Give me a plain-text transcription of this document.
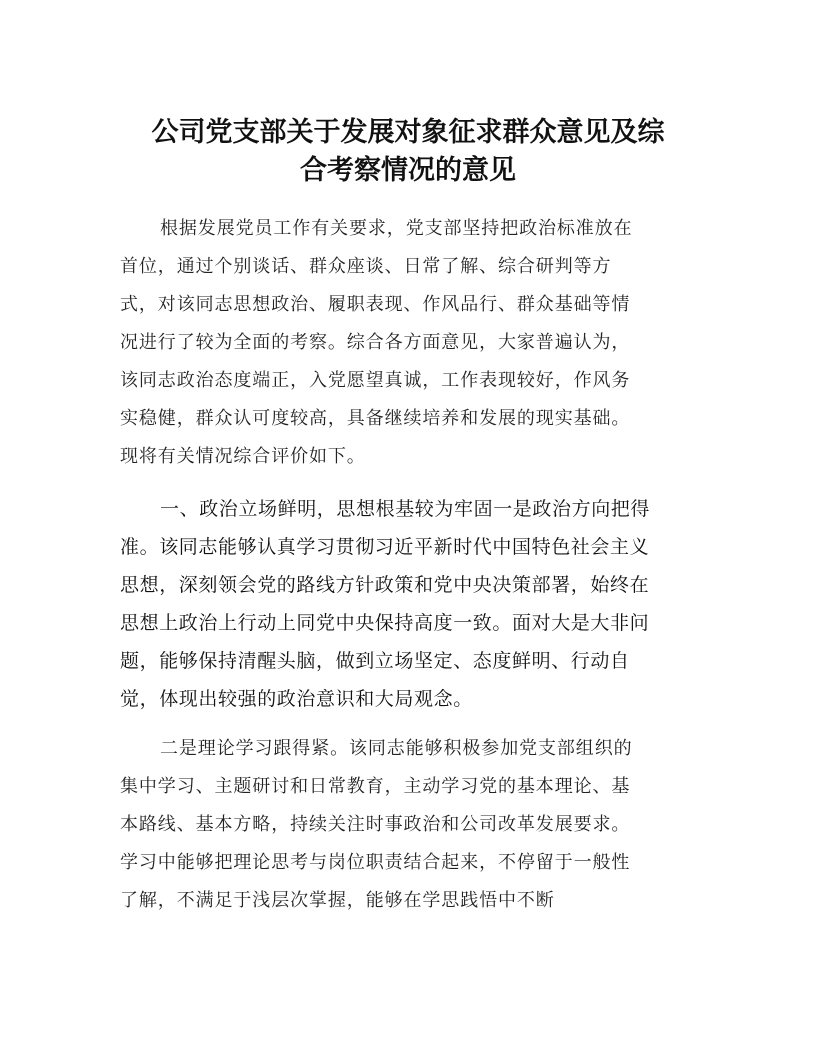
公司党支部关于发展对象征求群众意见及综
合考察情况的意见

根据发展党员工作有关要求，党支部坚持把政治标准放在
首位，通过个别谈话、群众座谈、日常了解、综合研判等方
式，对该同志思想政治、履职表现、作风品行、群众基础等情
况进行了较为全面的考察。综合各方面意见，大家普遍认为，
该同志政治态度端正，入党愿望真诚，工作表现较好，作风务
实稳健，群众认可度较高，具备继续培养和发展的现实基础。
现将有关情况综合评价如下。

一、政治立场鲜明，思想根基较为牢固一是政治方向把得
准。该同志能够认真学习贯彻习近平新时代中国特色社会主义
思想，深刻领会党的路线方针政策和党中央决策部署，始终在
思想上政治上行动上同党中央保持高度一致。面对大是大非问
题，能够保持清醒头脑，做到立场坚定、态度鲜明、行动自
觉，体现出较强的政治意识和大局观念。

二是理论学习跟得紧。该同志能够积极参加党支部组织的
集中学习、主题研讨和日常教育，主动学习党的基本理论、基
本路线、基本方略，持续关注时事政治和公司改革发展要求。
学习中能够把理论思考与岗位职责结合起来，不停留于一般性
了解，不满足于浅层次掌握，能够在学思践悟中不断
